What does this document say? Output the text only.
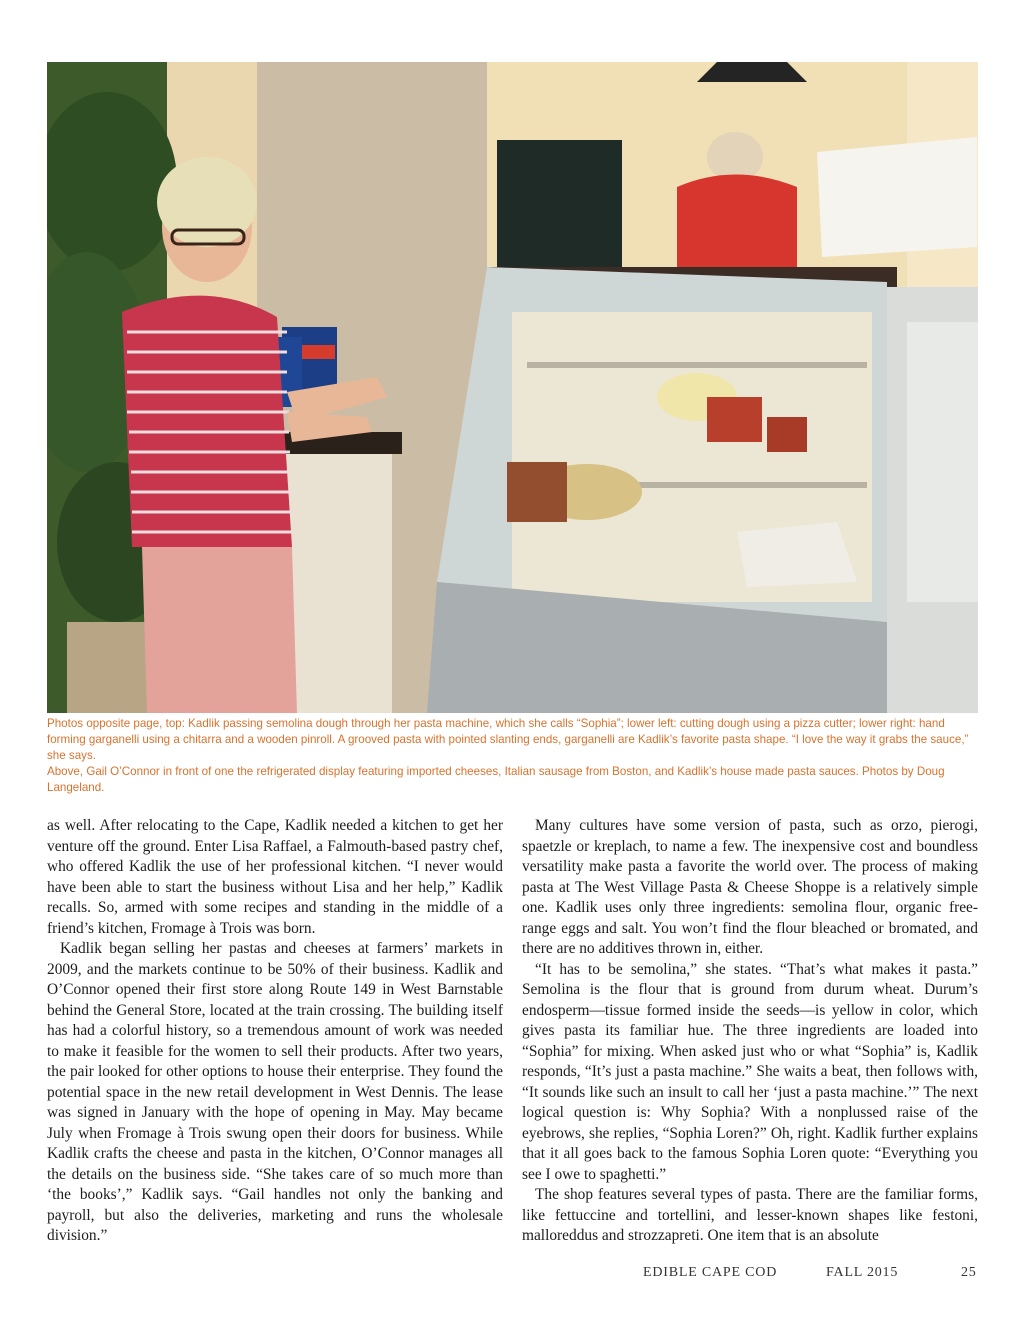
Photos opposite page, top: Kadlik passing semolina dough through her pasta machine, which she calls “Sophia”; lower left: cutting dough using a pizza cutter; lower right: hand forming garganelli using a chitarra and a wooden pinroll. A grooved pasta with pointed slanting ends, garganelli are Kadlik’s favorite pasta shape. “I love the way it grabs the sauce,” she says.

Above, Gail O’Connor in front of one the refrigerated display featuring imported cheeses, Italian sausage from Boston, and Kadlik’s house made pasta sauces. Photos by Doug Langeland.

as well. After relocating to the Cape, Kadlik needed a kitchen to get her venture off the ground. Enter Lisa Raffael, a Falmouth-based pastry chef, who offered Kadlik the use of her professional kitchen. “I never would have been able to start the business without Lisa and her help,” Kadlik recalls. So, armed with some recipes and standing in the middle of a friend’s kitchen, Fromage à Trois was born.

Kadlik began selling her pastas and cheeses at farmers’ markets in 2009, and the markets continue to be 50% of their business. Kadlik and O’Connor opened their first store along Route 149 in West Barnstable behind the General Store, located at the train crossing. The building itself has had a colorful history, so a tremendous amount of work was needed to make it feasible for the women to sell their products. After two years, the pair looked for other options to house their enterprise. They found the potential space in the new retail development in West Dennis. The lease was signed in January with the hope of opening in May. May became July when Fromage à Trois swung open their doors for business. While Kadlik crafts the cheese and pasta in the kitchen, O’Connor manages all the details on the business side. “She takes care of so much more than ‘the books’,” Kadlik says. “Gail handles not only the banking and payroll, but also the deliveries, marketing and runs the wholesale division.”

Many cultures have some version of pasta, such as orzo, pierogi, spaetzle or kreplach, to name a few. The inexpensive cost and boundless versatility make pasta a favorite the world over. The process of making pasta at The West Village Pasta & Cheese Shoppe is a relatively simple one. Kadlik uses only three ingredients: semolina flour, organic free-range eggs and salt. You won’t find the flour bleached or bromated, and there are no additives thrown in, either.

“It has to be semolina,” she states. “That’s what makes it pasta.” Semolina is the flour that is ground from durum wheat. Durum’s endosperm—tissue formed inside the seeds—is yellow in color, which gives pasta its familiar hue. The three ingredients are loaded into “Sophia” for mixing. When asked just who or what “Sophia” is, Kadlik responds, “It’s just a pasta machine.” She waits a beat, then follows with, “It sounds like such an insult to call her ‘just a pasta machine.’” The next logical question is: Why Sophia? With a nonplussed raise of the eyebrows, she replies, “Sophia Loren?” Oh, right. Kadlik further explains that it all goes back to the famous Sophia Loren quote: “Everything you see I owe to spaghetti.”

The shop features several types of pasta. There are the familiar forms, like fettuccine and tortellini, and lesser-known shapes like festoni, malloreddus and strozzapreti. One item that is an absolute

EDIBLE CAPE COD	FALL 2015	25
